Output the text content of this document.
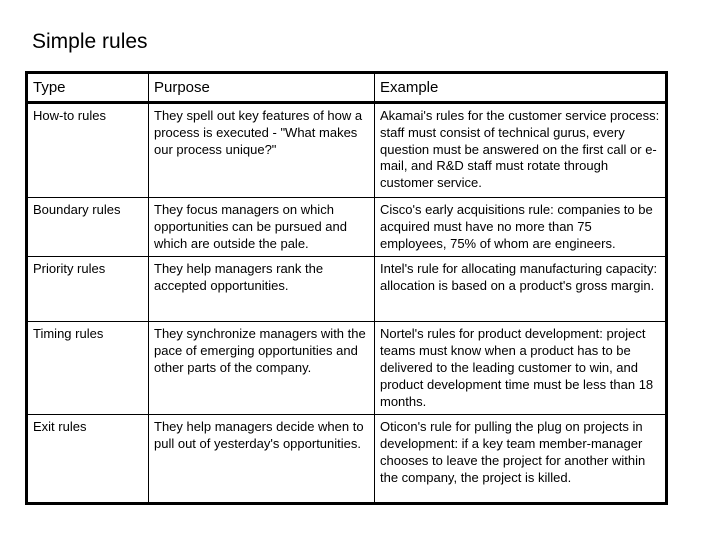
Simple rules
Type	Purpose	Example
How-to rules	They spell out key features of how a process is executed - "What makes our process unique?"	Akamai's rules for the customer service process: staff must consist of technical gurus, every question must be answered on the first call or e-mail, and R&D staff must rotate through customer service.
Boundary rules	They focus managers on which opportunities can be pursued and which are outside the pale.	Cisco's early acquisitions rule: companies to be acquired must have no more than 75 employees, 75% of whom are engineers.
Priority rules	They help managers rank the accepted opportunities.	Intel's rule for allocating manufacturing capacity: allocation is based on a product's gross margin.
Timing rules	They synchronize managers with the pace of emerging opportunities and other parts of the company.	Nortel's rules for product development: project teams must know when a product has to be delivered to the leading customer to win, and product development time must be less than 18 months.
Exit rules	They help managers decide when to pull out of yesterday's opportunities.	Oticon's rule for pulling the plug on projects in development: if a key team member-manager chooses to leave the project for another within the company, the project is killed.
